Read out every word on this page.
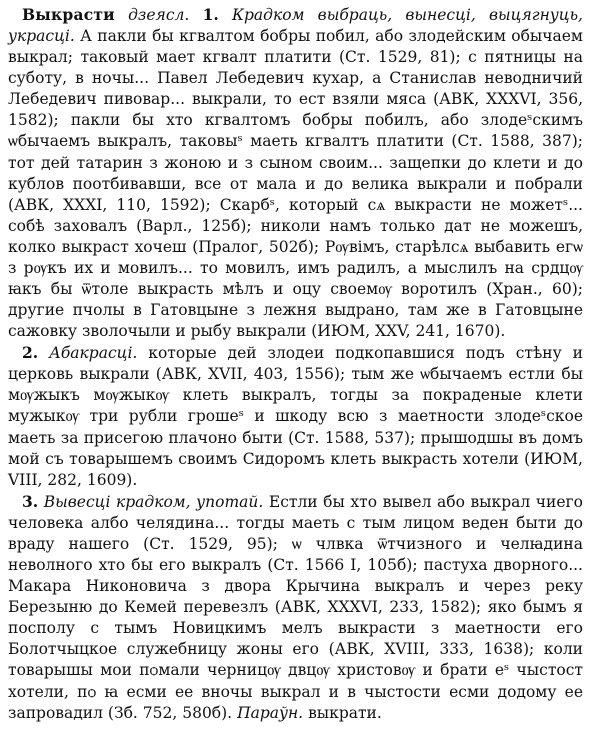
Выкрасти дзеясл. 1. Крадком выбраць, вынесці, выцягнуць, украсці. А пакли бы кгвалтом бобры побил, або злодейским обычаем выкрал; таковый мает кгвалт платити (Ст. 1529, 81); с пятницы на суботу, в ночы... Павел Лебедевич кухар, а Станислав неводничий Лебедевич пивовар... выкрали, то ест взяли мяса (АВК, XXXVI, 356, 1582); пакли бы хто кгвалтомъ бобры побилъ, або злодеˢскимъ ѡбычаемъ выкралъ, таковыˢ маеть кгвалтъ платити (Ст. 1588, 387); тот дей татарин з жоною и з сыном своим... защепки до клети и до кублов поотбивавши, все от мала и до велика выкрали и побрали (АВК, XXXI, 110, 1592); Скарбˢ, который сѧ выкрасти не можетˢ... собѣ заховалъ (Варл., 125б); николи намъ только дат не можешъ, колко выкраст хочеш (Пралог, 502б); Рѹвімъ, старѣлсѧ выбавить егѡ з рѹкъ их и мовилъ... то мовилъ, имъ радилъ, а мыслилъ на срдцѹ ꙗкъ бы ѿтоле выкрасть мѣлъ и оцу своемѹ воротилъ (Хран., 60); другие пчолы в Гатовцыне з лежня выдрано, там же в Гатовцыне сажовку зволочыли и рыбу выкрали (ИЮМ, XXV, 241, 1670).

2. Абакрасці. которые дей злодеи подкопавшися подъ стѣну и церковь выкрали (АВК, XVII, 403, 1556); тым же ѡбычаемъ естли бы мѹжыкъ мѹжыкѹ клеть выкралъ, тогды за покраденые клети мужыкѹ три рубли грошеˢ и шкоду всю з маетности злодеˢское маеть за присегою плачоно быти (Ст. 1588, 537); прышодшы въ домъ мой съ товарышемъ своимъ Сидоромъ клеть выкрасть хотели (ИЮМ, VIII, 282, 1609).

3. Вывесці крадком, употай. Естли бы хто вывел або выкрал чиего человека албо челядина... тогды маеть с тым лицом веден быти до враду нашего (Ст. 1529, 95); ѡ члвка ѿтчизного и челꙗдина неволного хто бы его выкралъ (Ст. 1566 I, 105б); пастуха дворного... Макара Никоновича з двора Крычина выкралъ и через реку Березыню до Кемей перевезлъ (АВК, XXXVI, 233, 1582); яко бымъ я посполу с тымъ Новицкимъ мелъ выкрасти з маетности его Болотчыцкое служебницу жоны его (АВК, XVIII, 333, 1638); коли товарышы мои пѻмали черницѹ двцѹ христовѹ и брати еˢ чыстост хотели, пѻ ꙗ есми ее вночы выкрал и в чыстости есми додому ее запровадил (Зб. 752, 580б). Параўн. выкрати.
